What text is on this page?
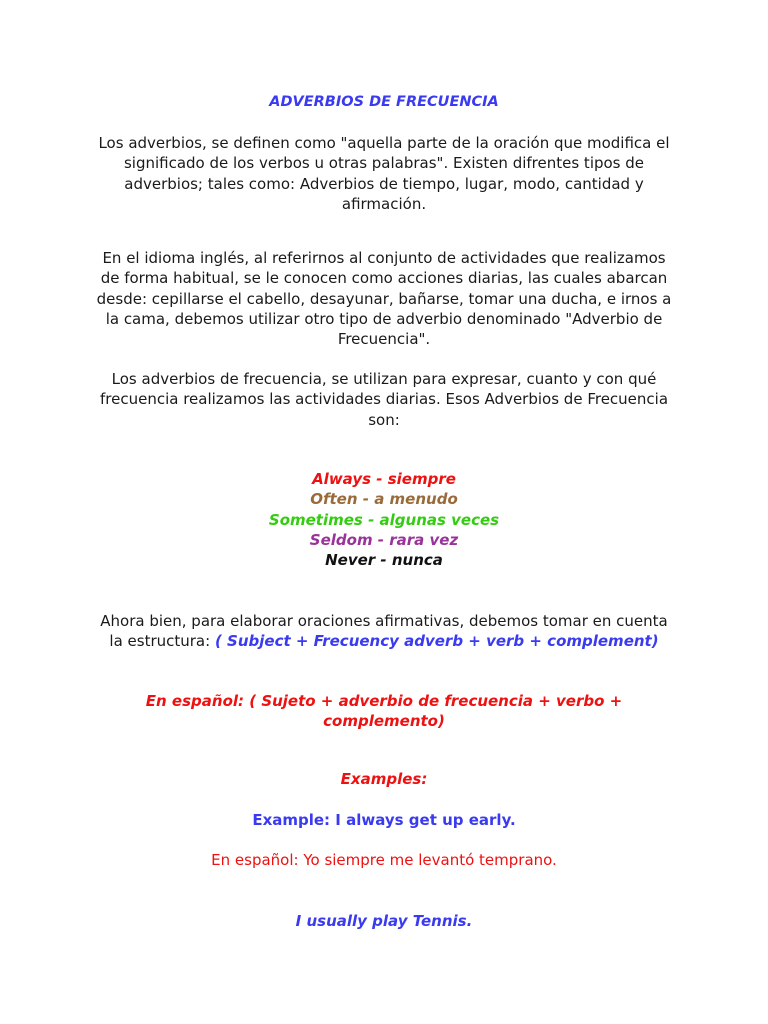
ADVERBIOS DE FRECUENCIA

Los adverbios, se definen como "aquella parte de la oración que modifica el significado de los verbos u otras palabras". Existen difrentes tipos de adverbios; tales como: Adverbios de tiempo, lugar, modo, cantidad y afirmación.

En el idioma inglés, al referirnos al conjunto de actividades que realizamos de forma habitual, se le conocen como acciones diarias, las cuales abarcan desde: cepillarse el cabello, desayunar, bañarse, tomar una ducha, e irnos a la cama, debemos utilizar otro tipo de adverbio denominado "Adverbio de Frecuencia".

Los adverbios de frecuencia, se utilizan para expresar, cuanto y con qué frecuencia realizamos las actividades diarias. Esos Adverbios de Frecuencia son:

Always - siempre
Often - a menudo
Sometimes - algunas veces
Seldom - rara vez
Never - nunca

Ahora bien, para elaborar oraciones afirmativas, debemos tomar en cuenta la estructura: ( Subject + Frecuency adverb + verb + complement)

En español: ( Sujeto + adverbio de frecuencia + verbo + complemento)

Examples:
Example: I always get up early.
En español: Yo siempre me levantó temprano.
I usually play Tennis.
